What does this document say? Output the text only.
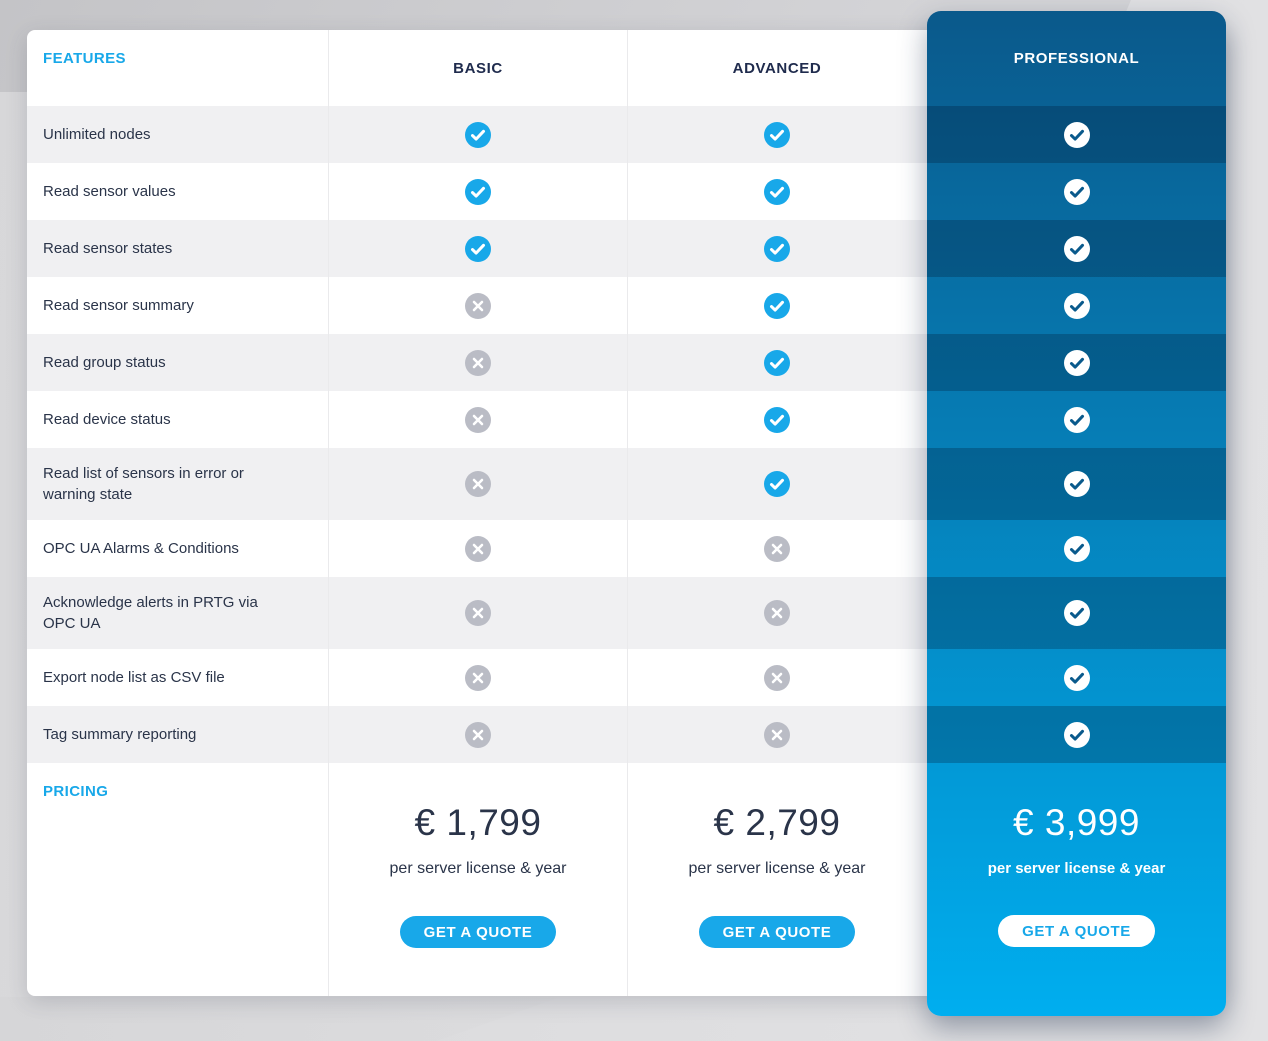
FEATURES
BASIC	ADVANCED
Unlimited nodes
Read sensor values
Read sensor states
Read sensor summary
Read group status
Read device status
Read list of sensors in error or warning state
OPC UA Alarms & Conditions
Acknowledge alerts in PRTG via OPC UA
Export node list as CSV file
Tag summary reporting
PRICING
€ 1,799
per server license & year
GET A QUOTE
€ 2,799
per server license & year
GET A QUOTE
PROFESSIONAL
€ 3,999
per server license & year
GET A QUOTE
